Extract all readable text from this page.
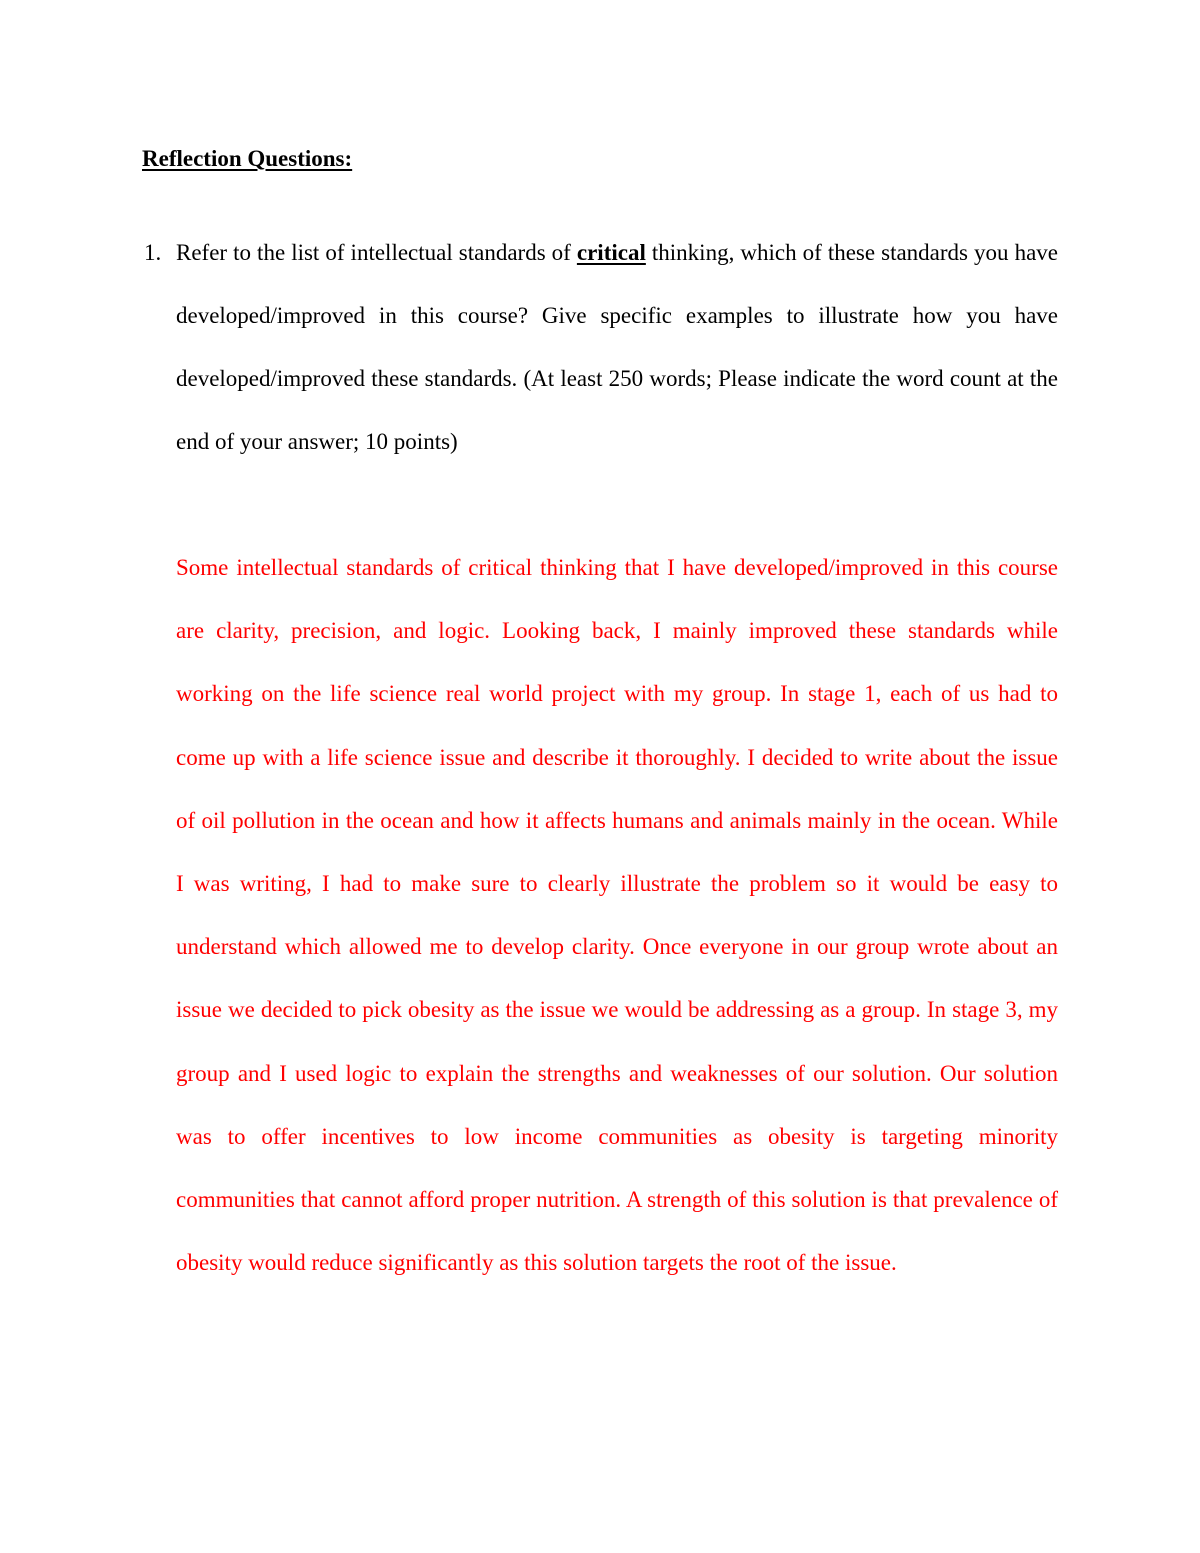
Reflection Questions:

1. Refer to the list of intellectual standards of critical thinking, which of these standards you have developed/improved in this course? Give specific examples to illustrate how you have developed/improved these standards. (At least 250 words; Please indicate the word count at the end of your answer; 10 points)

Some intellectual standards of critical thinking that I have developed/improved in this course are clarity, precision, and logic. Looking back, I mainly improved these standards while working on the life science real world project with my group. In stage 1, each of us had to come up with a life science issue and describe it thoroughly. I decided to write about the issue of oil pollution in the ocean and how it affects humans and animals mainly in the ocean. While I was writing, I had to make sure to clearly illustrate the problem so it would be easy to understand which allowed me to develop clarity. Once everyone in our group wrote about an issue we decided to pick obesity as the issue we would be addressing as a group. In stage 3, my group and I used logic to explain the strengths and weaknesses of our solution. Our solution was to offer incentives to low income communities as obesity is targeting minority communities that cannot afford proper nutrition. A strength of this solution is that prevalence of obesity would reduce significantly as this solution targets the root of the issue.
